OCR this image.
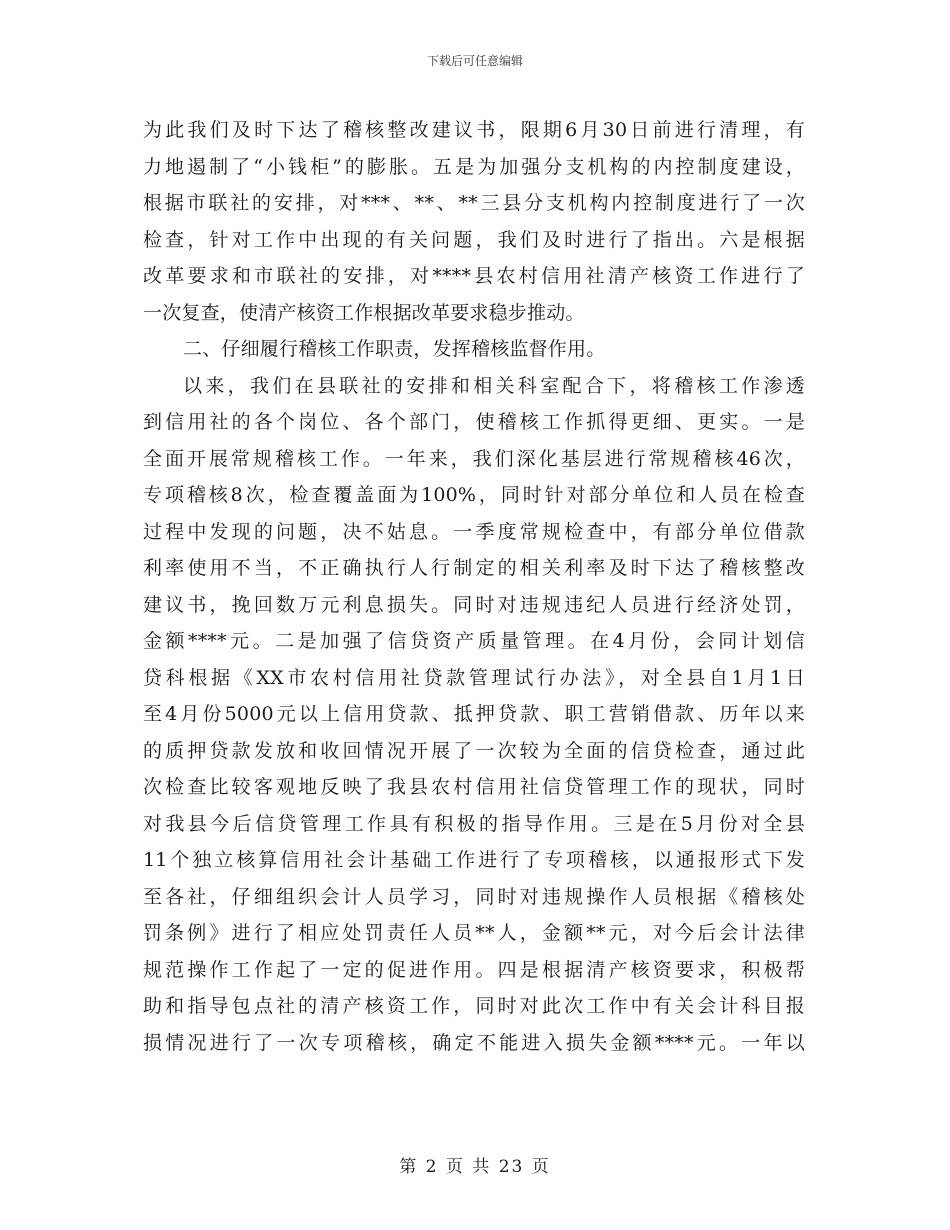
下载后可任意编辑
为此我们及时下达了稽核整改建议书，限期6月30日前进行清理，有
力地遏制了“小钱柜”的膨胀。五是为加强分支机构的内控制度建设，
根据市联社的安排，对***、**、**三县分支机构内控制度进行了一次
检查，针对工作中出现的有关问题，我们及时进行了指出。六是根据
改革要求和市联社的安排，对****县农村信用社清产核资工作进行了
一次复查，使清产核资工作根据改革要求稳步推动。
二、仔细履行稽核工作职责，发挥稽核监督作用。
以来，我们在县联社的安排和相关科室配合下，将稽核工作渗透
到信用社的各个岗位、各个部门，使稽核工作抓得更细、更实。一是
全面开展常规稽核工作。一年来，我们深化基层进行常规稽核46次，
专项稽核8次，检查覆盖面为100%，同时针对部分单位和人员在检查
过程中发现的问题，决不姑息。一季度常规检查中，有部分单位借款
利率使用不当，不正确执行人行制定的相关利率及时下达了稽核整改
建议书，挽回数万元利息损失。同时对违规违纪人员进行经济处罚，
金额****元。二是加强了信贷资产质量管理。在4月份，会同计划信
贷科根据《XX市农村信用社贷款管理试行办法》，对全县自1月1日
至4月份5000元以上信用贷款、抵押贷款、职工营销借款、历年以来
的质押贷款发放和收回情况开展了一次较为全面的信贷检查，通过此
次检查比较客观地反映了我县农村信用社信贷管理工作的现状，同时
对我县今后信贷管理工作具有积极的指导作用。三是在5月份对全县
11个独立核算信用社会计基础工作进行了专项稽核，以通报形式下发
至各社，仔细组织会计人员学习，同时对违规操作人员根据《稽核处
罚条例》进行了相应处罚责任人员**人，金额**元，对今后会计法律
规范操作工作起了一定的促进作用。四是根据清产核资要求，积极帮
助和指导包点社的清产核资工作，同时对此次工作中有关会计科目报
损情况进行了一次专项稽核，确定不能进入损失金额****元。一年以
第 2 页 共 23 页
